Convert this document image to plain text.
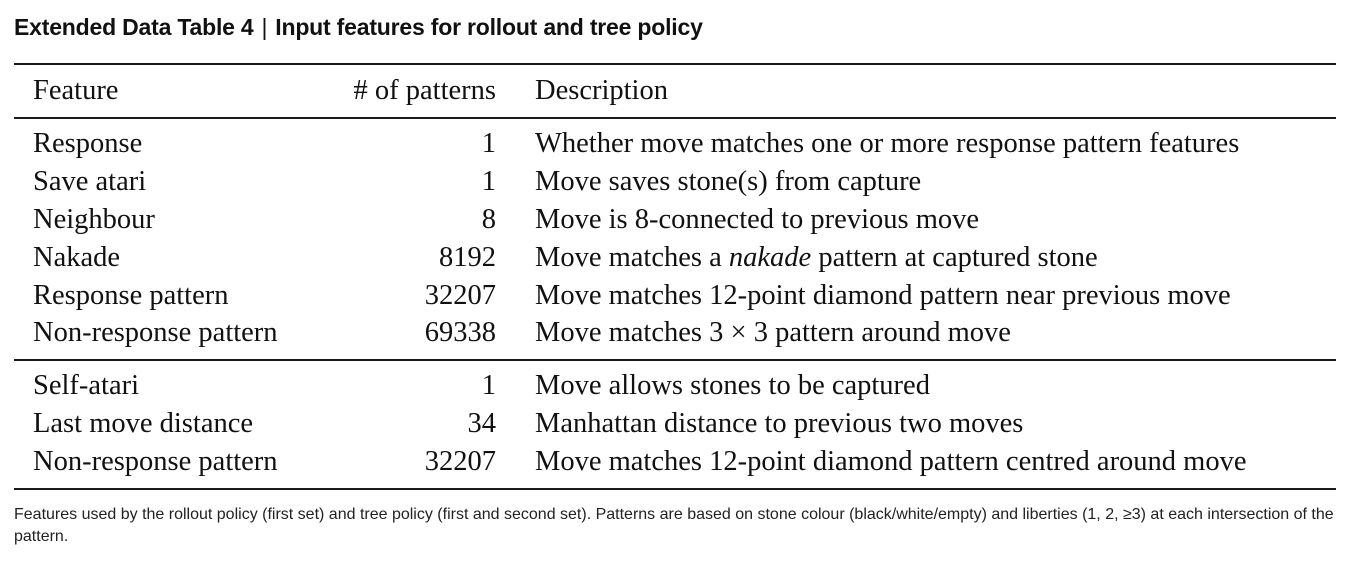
Extended Data Table 4 | Input features for rollout and tree policy
Feature	# of patterns Description
Response	1 Whether move matches one or more response pattern features
Save atari	1 Move saves stone(s) from capture
Neighbour	8 Move is 8-connected to previous move
Nakade	8192 Move matches a nakade pattern at captured stone
Response pattern	32207 Move matches 12-point diamond pattern near previous move
Non-response pattern	69338 Move matches 3 × 3 pattern around move
Self-atari	1 Move allows stones to be captured
Last move distance	34 Manhattan distance to previous two moves
Non-response pattern	32207 Move matches 12-point diamond pattern centred around move
Features used by the rollout policy (first set) and tree policy (first and second set). Patterns are based on stone colour (black/white/empty) and liberties (1, 2, ≥3) at each intersection of the pattern.
